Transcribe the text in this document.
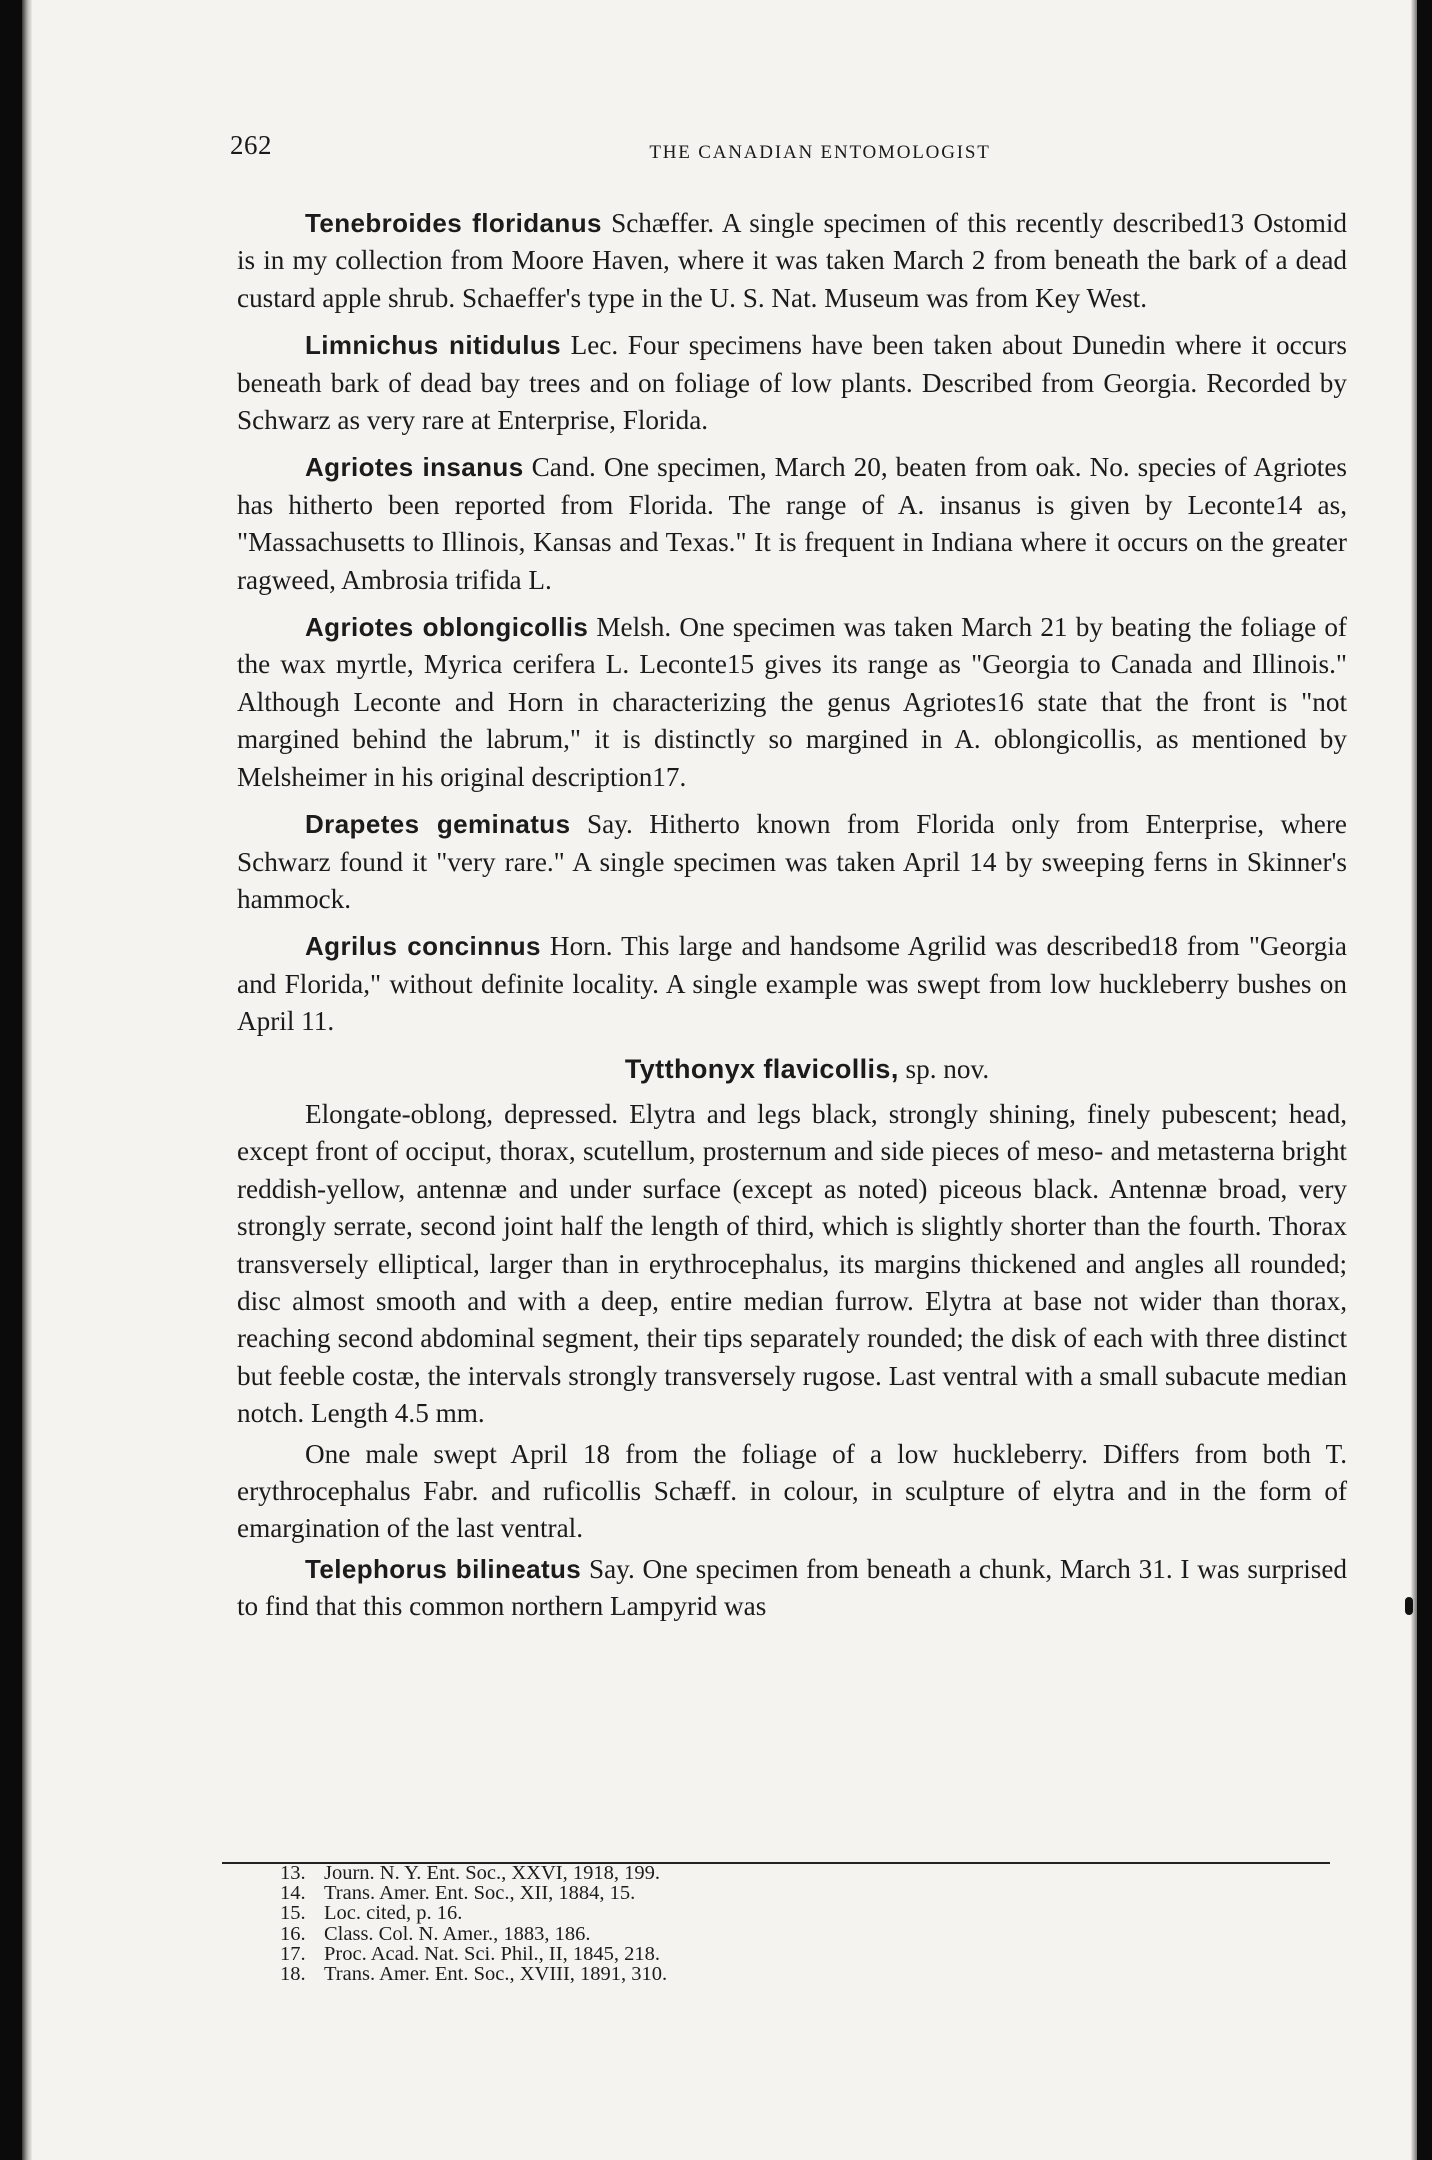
262	THE CANADIAN ENTOMOLOGIST

Tenebroides floridanus Schæffer. A single specimen of this recently described13 Ostomid is in my collection from Moore Haven, where it was taken March 2 from beneath the bark of a dead custard apple shrub. Schaeffer's type in the U. S. Nat. Museum was from Key West.

Limnichus nitidulus Lec. Four specimens have been taken about Dunedin where it occurs beneath bark of dead bay trees and on foliage of low plants. Described from Georgia. Recorded by Schwarz as very rare at Enterprise, Florida.

Agriotes insanus Cand. One specimen, March 20, beaten from oak. No. species of Agriotes has hitherto been reported from Florida. The range of A. insanus is given by Leconte14 as, "Massachusetts to Illinois, Kansas and Texas." It is frequent in Indiana where it occurs on the greater ragweed, Ambrosia trifida L.

Agriotes oblongicollis Melsh. One specimen was taken March 21 by beating the foliage of the wax myrtle, Myrica cerifera L. Leconte15 gives its range as "Georgia to Canada and Illinois." Although Leconte and Horn in characterizing the genus Agriotes16 state that the front is "not margined behind the labrum," it is distinctly so margined in A. oblongicollis, as mentioned by Melsheimer in his original description17.

Drapetes geminatus Say. Hitherto known from Florida only from Enterprise, where Schwarz found it "very rare." A single specimen was taken April 14 by sweeping ferns in Skinner's hammock.

Agrilus concinnus Horn. This large and handsome Agrilid was described18 from "Georgia and Florida," without definite locality. A single example was swept from low huckleberry bushes on April 11.

Tytthonyx flavicollis, sp. nov.

Elongate-oblong, depressed. Elytra and legs black, strongly shining, finely pubescent; head, except front of occiput, thorax, scutellum, prosternum and side pieces of meso- and metasterna bright reddish-yellow, antennæ and under surface (except as noted) piceous black. Antennæ broad, very strongly serrate, second joint half the length of third, which is slightly shorter than the fourth. Thorax transversely elliptical, larger than in erythrocephalus, its margins thickened and angles all rounded; disc almost smooth and with a deep, entire median furrow. Elytra at base not wider than thorax, reaching second abdominal segment, their tips separately rounded; the disk of each with three distinct but feeble costæ, the intervals strongly transversely rugose. Last ventral with a small subacute median notch. Length 4.5 mm.

One male swept April 18 from the foliage of a low huckleberry. Differs from both T. erythrocephalus Fabr. and ruficollis Schæff. in colour, in sculpture of elytra and in the form of emargination of the last ventral.

Telephorus bilineatus Say. One specimen from beneath a chunk, March 31. I was surprised to find that this common northern Lampyrid was

13. Journ. N. Y. Ent. Soc., XXVI, 1918, 199.
14. Trans. Amer. Ent. Soc., XII, 1884, 15.
15. Loc. cited, p. 16.
16. Class. Col. N. Amer., 1883, 186.
17. Proc. Acad. Nat. Sci. Phil., II, 1845, 218.
18. Trans. Amer. Ent. Soc., XVIII, 1891, 310.
